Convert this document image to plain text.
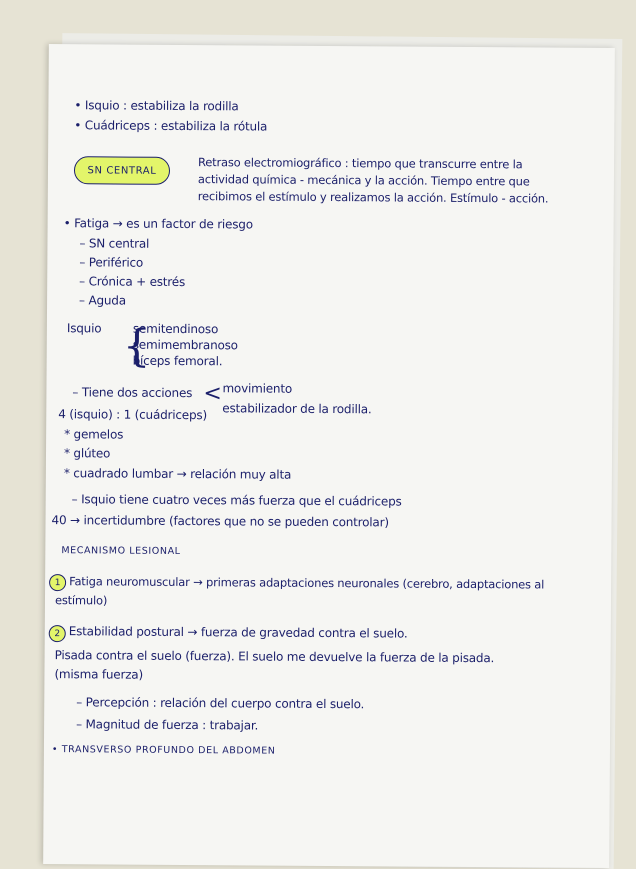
• Isquio : estabiliza la rodilla
• Cuádriceps : estabiliza la rótula
SN CENTRAL	Retraso electromiográfico : tiempo que transcurre entre la
actividad química - mecánica y la acción. Tiempo entre que
recibimos el estímulo y realizamos la acción. Estímulo - acción.
• Fatiga → es un factor de riesgo
– SN central
– Periférico
– Crónica + estrés
– Aguda
Isquio {
semitendinoso
semimembranoso
bíceps femoral.
– Tiene dos acciones < movimiento
estabilizador de la rodilla.
4 (isquio) : 1 (cuádriceps)
* gemelos
* glúteo
* cuadrado lumbar → relación muy alta
– Isquio tiene cuatro veces más fuerza que el cuádriceps
40 → incertidumbre (factores que no se pueden controlar)
MECANISMO LESIONAL
1 Fatiga neuromuscular → primeras adaptaciones neuronales (cerebro, adaptaciones al
estímulo)
2 Estabilidad postural → fuerza de gravedad contra el suelo.
Pisada contra el suelo (fuerza). El suelo me devuelve la fuerza de la pisada.
(misma fuerza)
– Percepción : relación del cuerpo contra el suelo.
– Magnitud de fuerza : trabajar.
• TRANSVERSO PROFUNDO DEL ABDOMEN
